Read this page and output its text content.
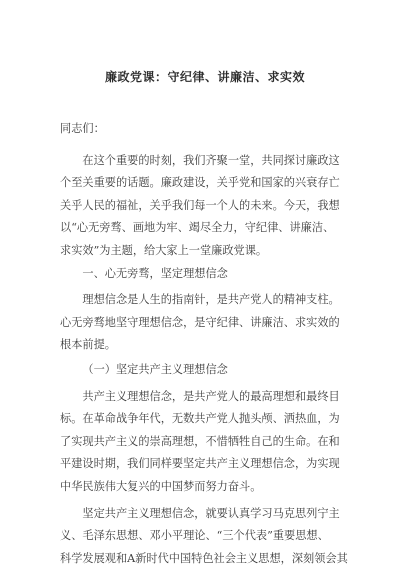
廉政党课：守纪律、讲廉洁、求实效

同志们：

在这个重要的时刻，我们齐聚一堂，共同探讨廉政这
个至关重要的话题。廉政建设，关乎党和国家的兴衰存亡
关乎人民的福祉，关乎我们每一个人的未来。今天，我想
以“心无旁骛、画地为牢、竭尽全力，守纪律、讲廉洁、
求实效”为主题，给大家上一堂廉政党课。

一、心无旁骛，坚定理想信念

理想信念是人生的指南针，是共产党人的精神支柱。
心无旁骛地坚守理想信念，是守纪律、讲廉洁、求实效的
根本前提。

（一）坚定共产主义理想信念

共产主义理想信念，是共产党人的最高理想和最终目
标。在革命战争年代，无数共产党人抛头颅、洒热血，为
了实现共产主义的崇高理想，不惜牺牲自己的生命。在和
平建设时期，我们同样要坚定共产主义理想信念，为实现
中华民族伟大复兴的中国梦而努力奋斗。

坚定共产主义理想信念，就要认真学习马克思列宁主
义、毛泽东思想、邓小平理论、“三个代表”重要思想、
科学发展观和A新时代中国特色社会主义思想，深刻领会其
